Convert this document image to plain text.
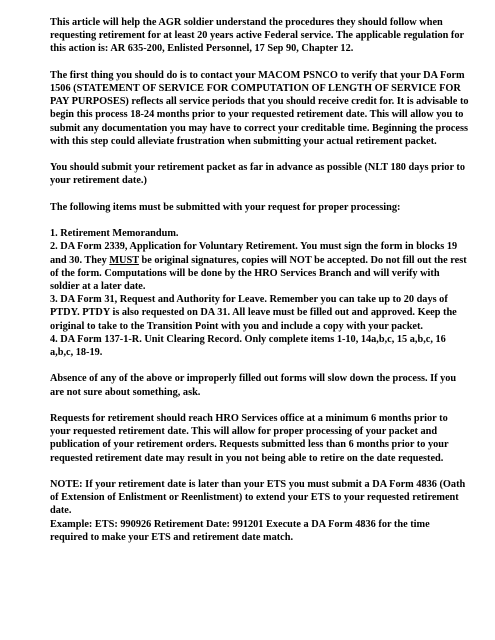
This article will help the AGR soldier understand the procedures they should follow when requesting retirement for at least 20 years active Federal service. The applicable regulation for this action is: AR 635-200, Enlisted Personnel, 17 Sep 90, Chapter 12.

The first thing you should do is to contact your MACOM PSNCO to verify that your DA Form 1506 (STATEMENT OF SERVICE FOR COMPUTATION OF LENGTH OF SERVICE FOR PAY PURPOSES) reflects all service periods that you should receive credit for. It is advisable to begin this process 18-24 months prior to your requested retirement date. This will allow you to submit any documentation you may have to correct your creditable time. Beginning the process with this step could alleviate frustration when submitting your actual retirement packet.

You should submit your retirement packet as far in advance as possible (NLT 180 days prior to your retirement date.)

The following items must be submitted with your request for proper processing:

1. Retirement Memorandum.
2. DA Form 2339, Application for Voluntary Retirement. You must sign the form in blocks 19 and 30. They MUST be original signatures, copies will NOT be accepted. Do not fill out the rest of the form. Computations will be done by the HRO Services Branch and will verify with soldier at a later date.
3. DA Form 31, Request and Authority for Leave. Remember you can take up to 20 days of PTDY. PTDY is also requested on DA 31. All leave must be filled out and approved. Keep the original to take to the Transition Point with you and include a copy with your packet.
4. DA Form 137-1-R. Unit Clearing Record. Only complete items 1-10, 14a,b,c, 15 a,b,c, 16 a,b,c, 18-19.

Absence of any of the above or improperly filled out forms will slow down the process. If you are not sure about something, ask.

Requests for retirement should reach HRO Services office at a minimum 6 months prior to your requested retirement date. This will allow for proper processing of your packet and publication of your retirement orders. Requests submitted less than 6 months prior to your requested retirement date may result in you not being able to retire on the date requested.

NOTE: If your retirement date is later than your ETS you must submit a DA Form 4836 (Oath of Extension of Enlistment or Reenlistment) to extend your ETS to your requested retirement date.
Example: ETS: 990926 Retirement Date: 991201 Execute a DA Form 4836 for the time required to make your ETS and retirement date match.
